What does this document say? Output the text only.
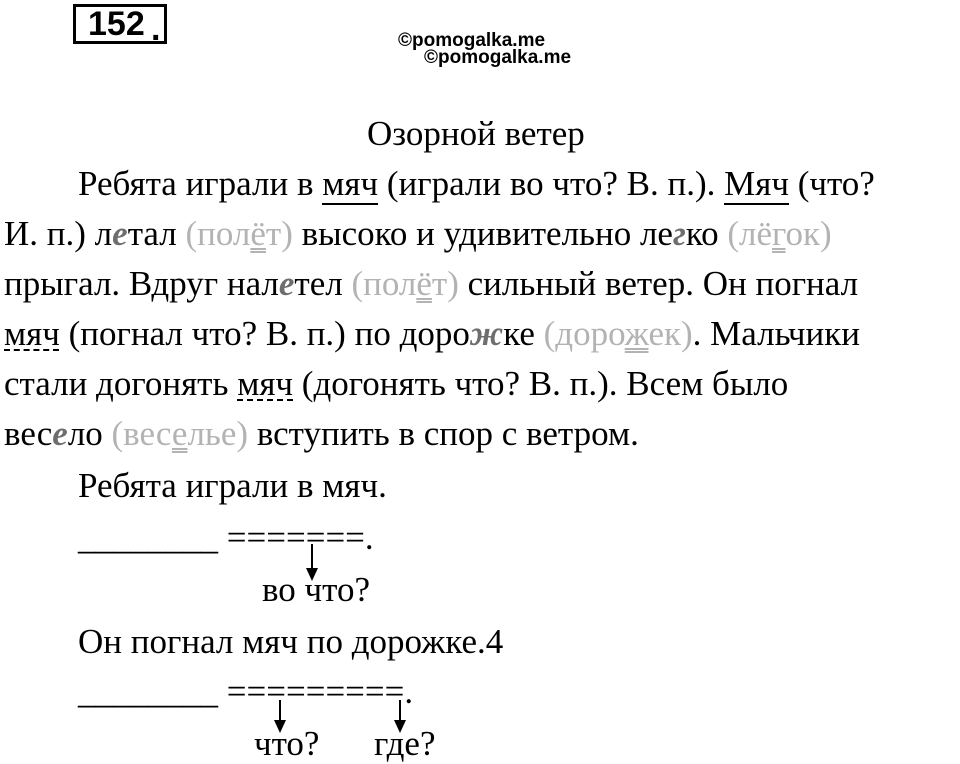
152 .	©pomogalka.me
©pomogalka.me
Озорной ветер
Ребята играли в мяч (играли во что? В. п.). Мяч (что?
И. п.) летал (полёт) высоко и удивительно легко (лёгок)
прыгал. Вдруг налетел (полёт) сильный ветер. Он погнал
мяч (погнал что? В. п.) по дорожке (дорожек). Мальчики
стали догонять мяч (догонять что? В. п.). Всем было
весело (веселье) вступить в спор с ветром.
Ребята играли в мяч.
________ =======.
во что?
Он погнал мяч по дорожке.4
________ =========.
что? где?
